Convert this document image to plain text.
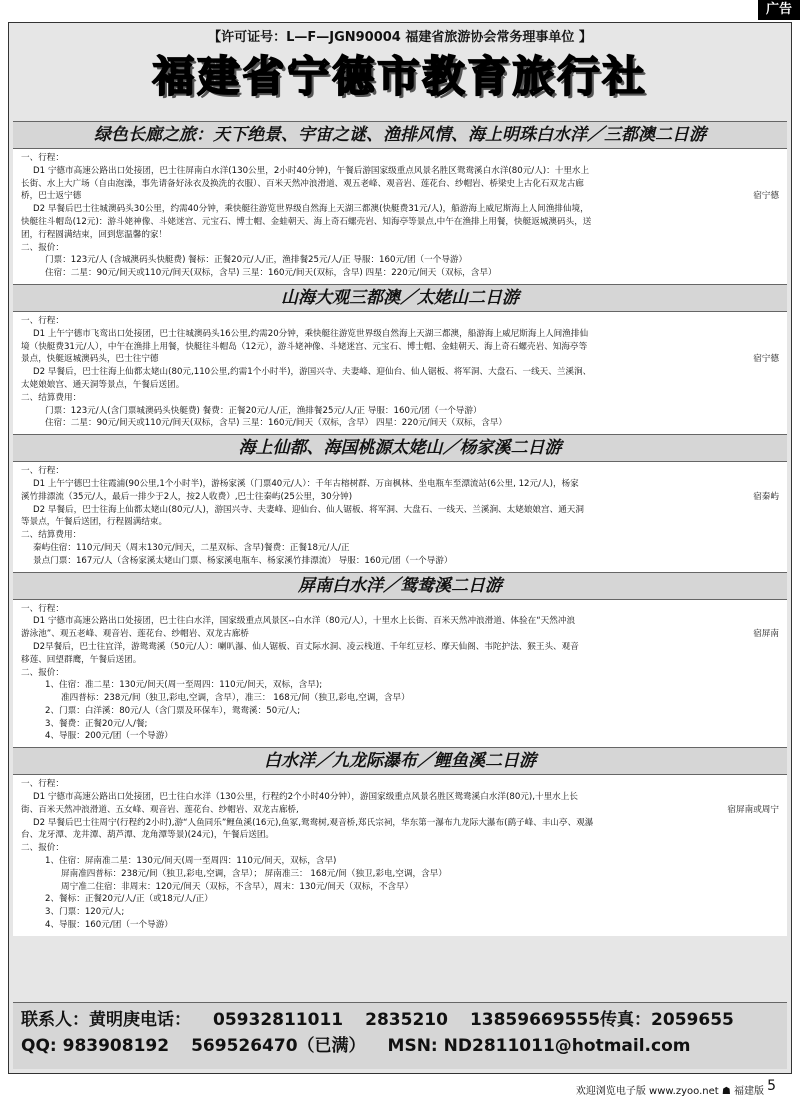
广告
【许可证号：L—F—JGN90004 福建省旅游协会常务理事单位 】
福建省宁德市教育旅行社
绿色长廊之旅：天下绝景、宇宙之谜、渔排风情、海上明珠白水洋／三都澳二日游
一、行程：
D1 宁德市高速公路出口处接团，巴士往屏南白水洋(130公里，2小时40分钟)，午餐后游国家级重点风景名胜区鸳鸯溪白水洋(80元/人)：十里水上
长街、水上大广场（自由泡澡，事先请备好泳衣及换洗的衣服）、百米天然冲浪滑道、观五老峰、观音岩、莲花台、纱帽岩、桥梁史上古化石双龙古廊
桥，巴士返宁德	宿宁德
D2 早餐后巴士往城澳码头30公里，约需40分钟，乘快艇往游览世界级自然海上天湖三都澳(快艇费31元/人)，船游海上威尼斯海上人间渔排仙境，
快艇往斗帽岛(12元)：游斗姥神像、斗姥迷宫、元宝石、博士帽、金蛙朝天、海上奇石螺壳岩、知海亭等景点,中午在渔排上用餐，快艇返城澳码头，送
团，行程圆满结束，回到您温馨的家！
二、报价：
门票：123元/人 (含城澳码头快艇费) 餐标：正餐20元/人/正，渔排餐25元/人/正 导服：160元/团（一个导游）
住宿：二星：90元/间天或110元/间天(双标，含早) 三星：160元/间天(双标，含早) 四星：220元/间天（双标，含早）
山海大观三都澳／太姥山二日游
一、行程：
D1 上午宁德市飞鸾出口处接团，巴士往城澳码头16公里,约需20分钟，乘快艇往游览世界级自然海上天湖三都澳，船游海上威尼斯海上人间渔排仙
境（快艇费31元/人），中午在渔排上用餐，快艇往斗帽岛（12元），游斗姥神像、斗姥迷宫、元宝石、博士帽、金蛙朝天、海上奇石螺壳岩、知海亭等
景点，快艇返城澳码头，巴士往宁德	宿宁德
D2 早餐后，巴士往海上仙都太姥山(80元,110公里,约需1个小时半)，游国兴寺、夫妻峰、迎仙台、仙人锯板、将军洞、大盘石、一线天、兰溪涧、
太姥娘娘宫、通天洞等景点，午餐后送团。
二、结算费用：
门票：123元/人(含门票城澳码头快艇费) 餐费：正餐20元/人/正，渔排餐25元/人/正 导服：160元/团（一个导游）
住宿：二星：90元/间天或110元/间天(双标，含早) 三星：160元/间天（双标，含早） 四星：220元/间天（双标，含早）
海上仙都、海国桃源太姥山／杨家溪二日游
一、行程：
D1 上午宁德巴士往霞浦(90公里,1个小时半)，游杨家溪（门票40元/人）：千年古榕树群、万亩枫林、坐电瓶车至漂流站(6公里, 12元/人)，杨家
溪竹排漂流（35元/人，最后一排少于2人，按2人收费）,巴士往秦屿(25公里，30分钟)	宿秦屿
D2 早餐后，巴士往海上仙都太姥山(80元/人)，游国兴寺、夫妻峰、迎仙台、仙人锯板、将军洞、大盘石、一线天、兰溪涧、太姥娘娘宫、通天洞
等景点，午餐后送团，行程圆满结束。
二、结算费用：
秦屿住宿：110元/间天（周末130元/间天，二星双标、含早)餐费：正餐18元/人/正
景点门票：167元/人（含杨家溪太姥山门票、杨家溪电瓶车、杨家溪竹排漂流） 导服：160元/团（一个导游）
屏南白水洋／鸳鸯溪二日游
一、行程：
D1 宁德市高速公路出口处接团，巴士往白水洋，国家级重点风景区--白水洋（80元/人），十里水上长街、百米天然冲浪滑道、体验在“天然冲浪
游泳池”、观五老峰、观音岩、莲花台、纱帽岩、双龙古廊桥	宿屏南
D2早餐后，巴士往宜洋，游鸳鸯溪（50元/人）：喇叭瀑、仙人锯板、百丈际水洞、凌云栈道、千年红豆杉、摩天仙阁、韦陀护法、猴王头、观音
移莲、回望群鹰，午餐后送团。
二、报价：
1、住宿：准二星：130元/间天(周一至周四：110元/间天，双标，含早);
准四普标：238元/间（独卫,彩电,空调，含早），准三： 168元/间（独卫,彩电,空调，含早）
2、门票：白洋溪：80元/人（含门票及环保车），鸳鸯溪：50元/人;
3、餐费：正餐20元/人/餐;
4、导服：200元/团（一个导游）
白水洋／九龙际瀑布／鲤鱼溪二日游
一、行程：
D1 宁德市高速公路出口处接团，巴士往白水洋（130公里，行程约2个小时40分钟），游国家级重点风景名胜区鸳鸯溪白水洋(80元),十里水上长
街、百米天然冲浪滑道、五女峰、观音岩、莲花台、纱帽岩、双龙古廊桥,	宿屏南或周宁
D2 早餐后巴士往周宁(行程约2小时),游“人鱼同乐”鲤鱼溪(16元),鱼冢,鸳鸯树,观音桥,郑氏宗祠，华东第一瀑布九龙际大瀑布(鹞子峰、丰山亭、观瀑
台、龙牙潭、龙井潭、葫芦潭、龙角潭等景)(24元)，午餐后送团。
二、报价：
1、住宿：屏南准二星：130元/间天(周一至周四：110元/间天，双标，含早)
屏南准四普标：238元/间（独卫,彩电,空调，含早）； 屏南准三： 168元/间（独卫,彩电,空调，含早）
周宁准二住宿：非周末：120元/间天（双标，不含早），周末：130元/间天（双标，不含早）
2、餐标：正餐20元/人/正（或18元/人/正）
3、门票：120元/人;
4、导服：160元/团（一个导游）
联系人：黄明庚电话： 05932811011 2835210 13859669555传真：2059655
QQ: 983908192 569526470（已满） MSN: ND2811011@hotmail.com
欢迎浏览电子版 www.zyoo.net ☗ 福建版 5
